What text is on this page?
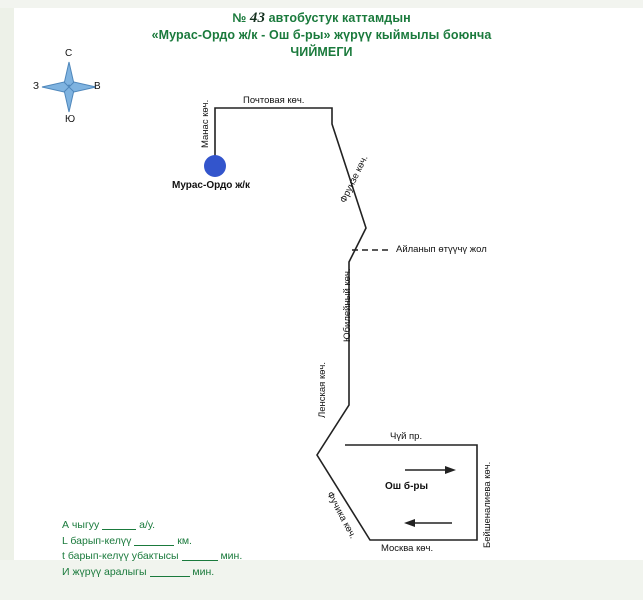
№ 43 автобустук каттамдын
«Мурас-Ордо ж/к - Ош б-ры» жүрүү кыймылы боюнча
ЧИЙМЕГИ
С
Ю
З	В
Мурас-Ордо ж/к
Манас көч.	Почтовая көч.
Фрунзе көч.
Айланып өтүүчү жол
Юбилейный көч.
Ленская көч.
Чүй пр.
Фучика көч.
Москва көч.
Бейшеналиева көч.
Ош б-ры
А чыгуу	а/у.
L барып-келүү	км.
t барып-келүү убактысы	мин.
И жүрүү аралыгы	мин.
